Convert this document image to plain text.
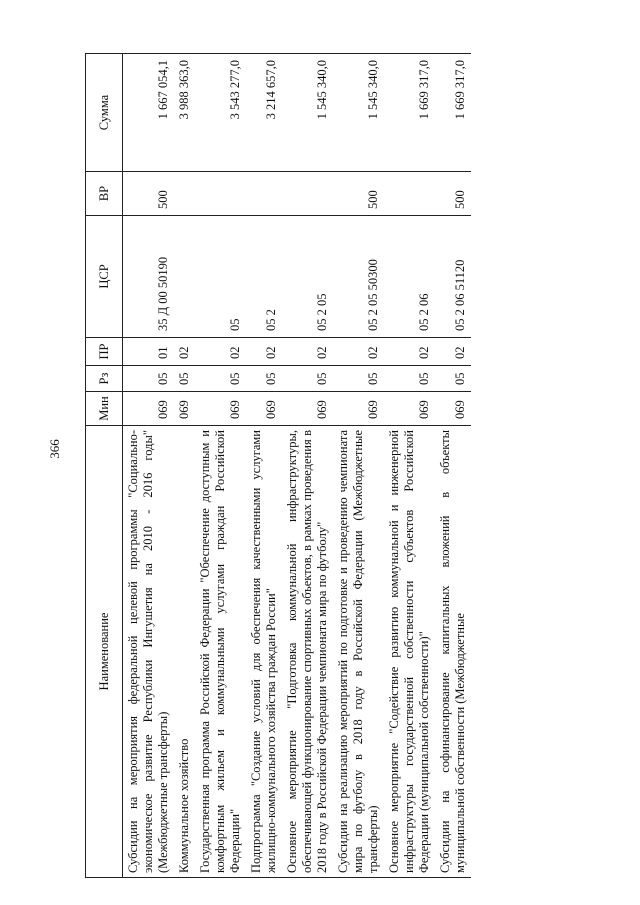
366
Наименование	Мин	Рз	ПР	ЦСР	ВР	Сумма
Субсидии на мероприятия федеральной целевой программы "Социально-экономическое развитие Республики Ингушетия на 2010 - 2016 годы" (Межбюджетные трансферты)	069	05	01	35 Д 00 50190	500	1 667 054,1
Коммунальное хозяйство	069	05	02			3 988 363,0
Государственная программа Российской Федерации "Обеспечение доступным и комфортным жильем и коммунальными услугами граждан Российской Федерации"	069	05	02	05		3 543 277,0
Подпрограмма "Создание условий для обеспечения качественными услугами жилищно-коммунального хозяйства граждан России"	069	05	02	05 2		3 214 657,0
Основное мероприятие "Подготовка коммунальной инфраструктуры, обеспечивающей функционирование спортивных объектов, в рамках проведения в 2018 году в Российской Федерации чемпионата мира по футболу"	069	05	02	05 2 05		1 545 340,0
Субсидии на реализацию мероприятий по подготовке и проведению чемпионата мира по футболу в 2018 году в Российской Федерации (Межбюджетные трансферты)	069	05	02	05 2 05 50300	500	1 545 340,0
Основное мероприятие "Содействие развитию коммунальной и инженерной инфраструктуры государственной собственности субъектов Российской Федерации (муниципальной собственности)"	069	05	02	05 2 06		1 669 317,0
Субсидии на софинансирование капитальных вложений в объекты муниципальной собственности (Межбюджетные	069	05	02	05 2 06 51120	500	1 669 317,0
